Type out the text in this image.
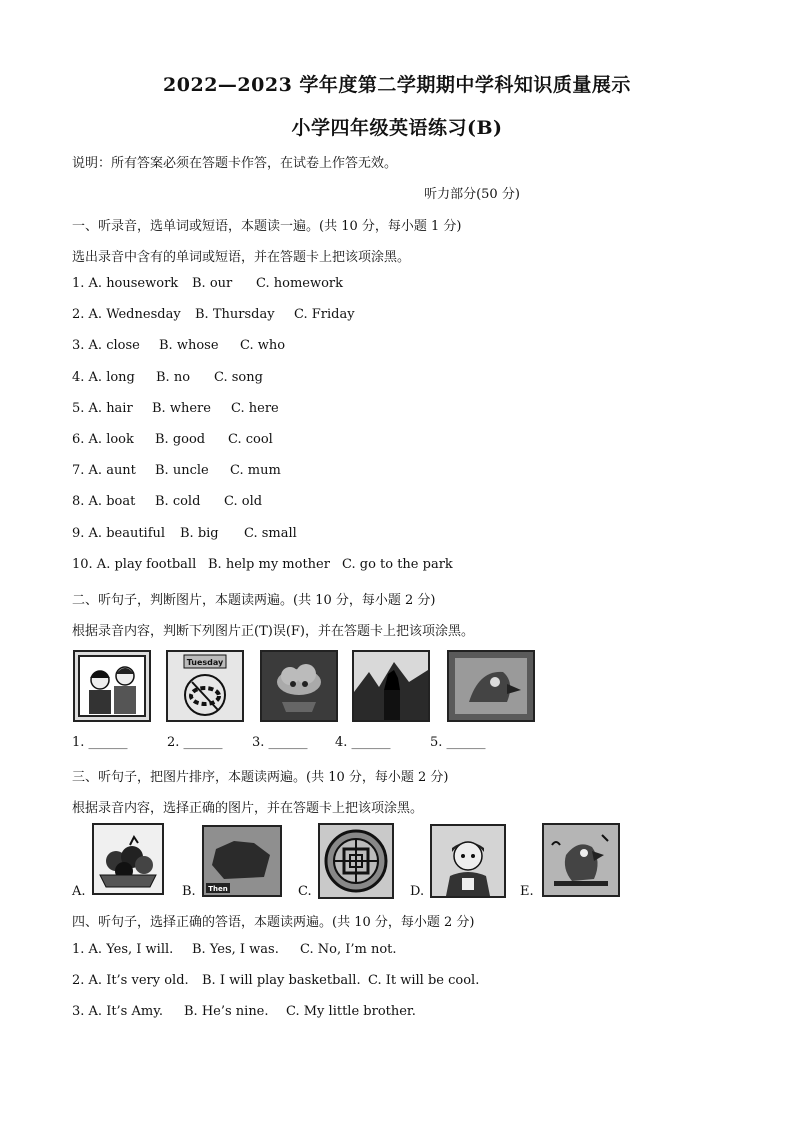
2022—2023 学年度第二学期期中学科知识质量展示
小学四年级英语练习(B)
说明：所有答案必须在答题卡作答，在试卷上作答无效。
听力部分(50 分)
一、听录音，选单词或短语，本题读一遍。(共 10 分，每小题 1 分)
选出录音中含有的单词或短语，并在答题卡上把该项涂黑。
1. A. housework B. our C. homework
2. A. Wednesday B. Thursday C. Friday
3. A. close B. whose C. who
4. A. long B. no C. song
5. A. hair B. where C. here
6. A. look B. good C. cool
7. A. aunt B. uncle C. mum
8. A. boat B. cold C. old
9. A. beautiful B. big C. small
10. A. play football B. help my mother C. go to the park
二、听句子，判断图片，本题读两遍。(共 10 分，每小题 2 分)
根据录音内容，判断下列图片正(T)误(F)，并在答题卡上把该项涂黑。
Tuesday
1. ______	2. ______ 3. ______ 4. ______	5. ______
三、听句子，把图片排序，本题读两遍。(共 10 分，每小题 2 分)
根据录音内容，选择正确的图片，并在答题卡上把该项涂黑。
Then
A.	B.	C.	D.	E.
四、听句子，选择正确的答语，本题读两遍。(共 10 分，每小题 2 分)
1. A. Yes, I will. B. Yes, I was. C. No, I’m not.
2. A. It’s very old. B. I will play basketball. C. It will be cool.
3. A. It’s Amy. B. He’s nine. C. My little brother.
